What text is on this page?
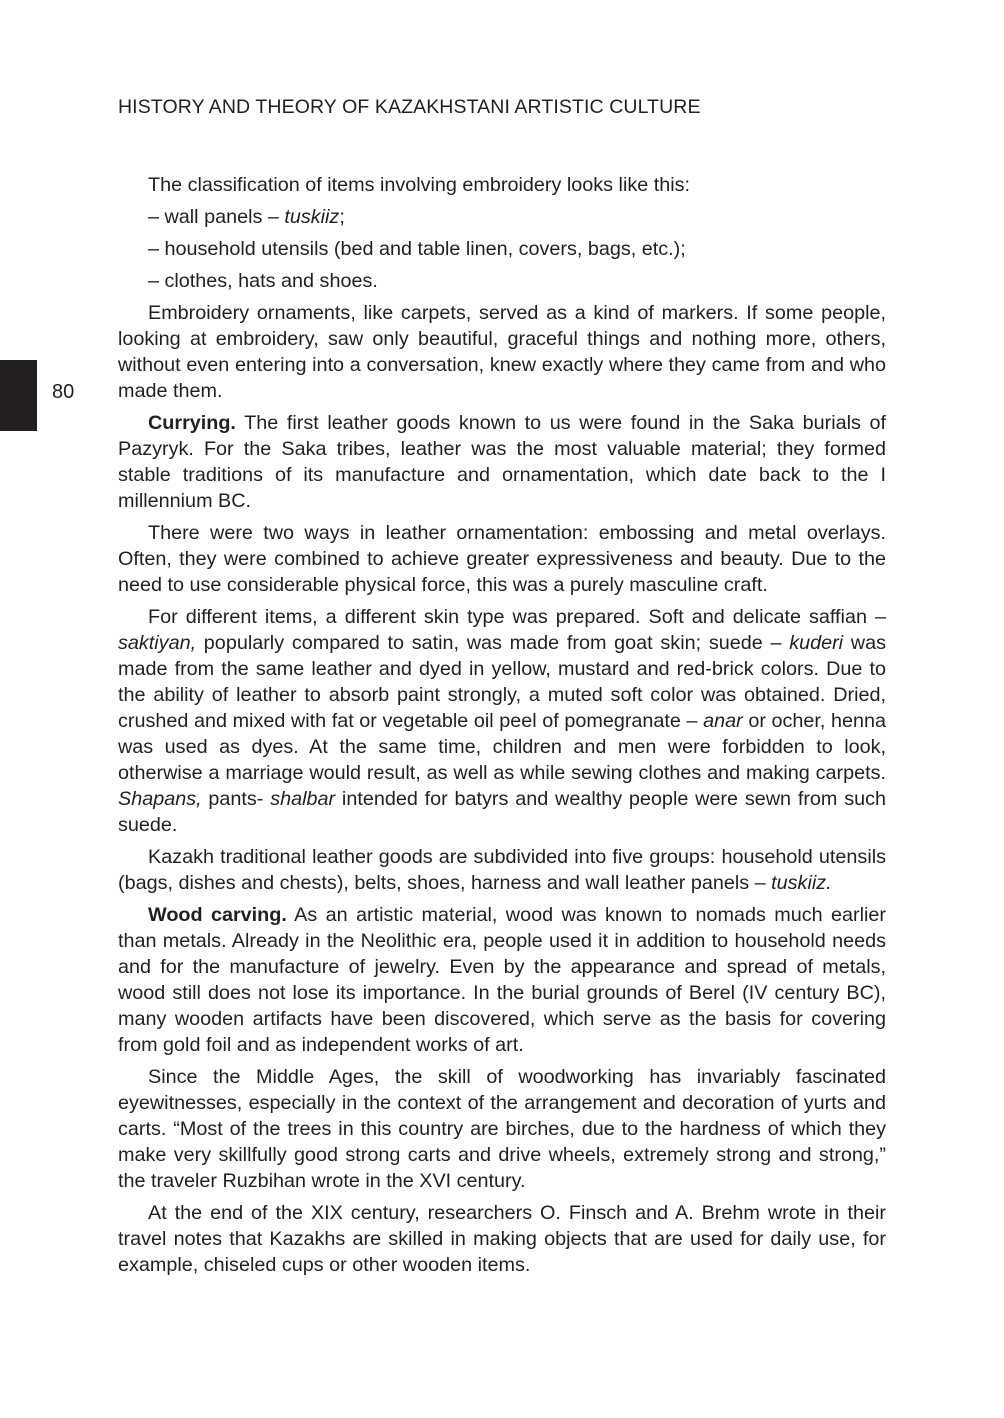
HISTORY AND THEORY OF KAZAKHSTANI ARTISTIC CULTURE
80

The classification of items involving embroidery looks like this:

– wall panels – tuskiiz;

– household utensils (bed and table linen, covers, bags, etc.);

– clothes, hats and shoes.

Embroidery ornaments, like carpets, served as a kind of markers. If some people, looking at embroidery, saw only beautiful, graceful things and nothing more, others, without even entering into a conversation, knew exactly where they came from and who made them.

Currying. The first leather goods known to us were found in the Saka burials of Pazyryk. For the Saka tribes, leather was the most valuable material; they formed stable traditions of its manufacture and ornamentation, which date back to the I millennium BC.

There were two ways in leather ornamentation: embossing and metal overlays. Often, they were combined to achieve greater expressiveness and beauty. Due to the need to use considerable physical force, this was a purely masculine craft.

For different items, a different skin type was prepared. Soft and delicate saffian – saktiyan, popularly compared to satin, was made from goat skin; suede – kuderi was made from the same leather and dyed in yellow, mustard and red-brick colors. Due to the ability of leather to absorb paint strongly, a muted soft color was obtained. Dried, crushed and mixed with fat or vegetable oil peel of pomegranate – anar or ocher, henna was used as dyes. At the same time, children and men were forbidden to look, otherwise a marriage would result, as well as while sewing clothes and making carpets. Shapans, pants- shalbar intended for batyrs and wealthy people were sewn from such suede.

Kazakh traditional leather goods are subdivided into five groups: household utensils (bags, dishes and chests), belts, shoes, harness and wall leather panels – tuskiiz.

Wood carving. As an artistic material, wood was known to nomads much earlier than metals. Already in the Neolithic era, people used it in addition to household needs and for the manufacture of jewelry. Even by the appearance and spread of metals, wood still does not lose its importance. In the burial grounds of Berel (IV century BC), many wooden artifacts have been discovered, which serve as the basis for covering from gold foil and as independent works of art.

Since the Middle Ages, the skill of woodworking has invariably fascinated eyewitnesses, especially in the context of the arrangement and decoration of yurts and carts. “Most of the trees in this country are birches, due to the hardness of which they make very skillfully good strong carts and drive wheels, extremely strong and strong,” the traveler Ruzbihan wrote in the XVI century.

At the end of the XIX century, researchers O. Finsch and A. Brehm wrote in their travel notes that Kazakhs are skilled in making objects that are used for daily use, for example, chiseled cups or other wooden items.
